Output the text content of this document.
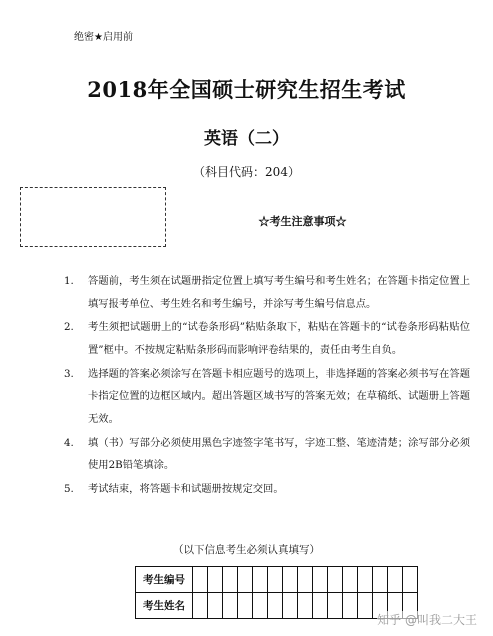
绝密★启用前
2018年全国硕士研究生招生考试
英语（二）
（科目代码：204）
☆考生注意事项☆
1.	答题前，考生须在试题册指定位置上填写考生编号和考生姓名；在答题卡指定位置上填写报考单位、考生姓名和考生编号，并涂写考生编号信息点。
2.	考生须把试题册上的“试卷条形码”粘贴条取下，粘贴在答题卡的“试卷条形码粘贴位置”框中。不按规定粘贴条形码而影响评卷结果的，责任由考生自负。
3.	选择题的答案必须涂写在答题卡相应题号的选项上，非选择题的答案必须书写在答题卡指定位置的边框区域内。超出答题区域书写的答案无效；在草稿纸、试题册上答题无效。
4.	填（书）写部分必须使用黑色字迹签字笔书写，字迹工整、笔迹清楚；涂写部分必须使用2B铅笔填涂。
5.	考试结束，将答题卡和试题册按规定交回。
（以下信息考生必须认真填写）
考生编号															
考生姓名															
知乎 @叫我二大王
